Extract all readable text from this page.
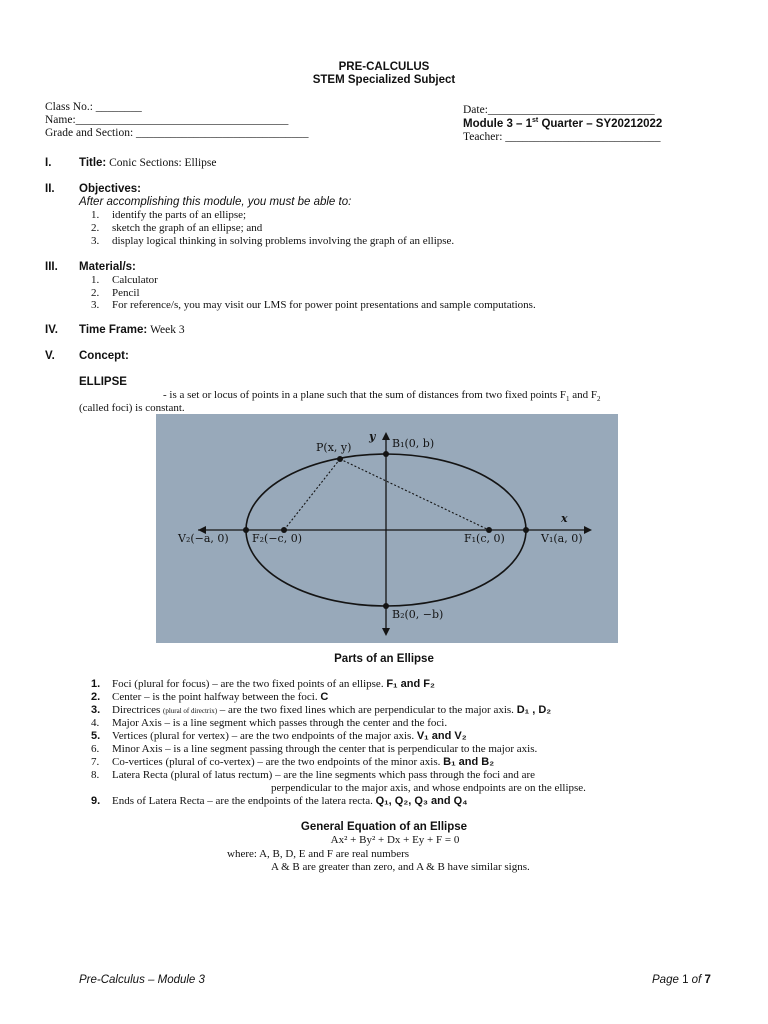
PRE-CALCULUS
STEM Specialized Subject
Class No.: ________
Name:_____________________________________
Grade and Section: ______________________________
Date:_____________________________
Module 3 – 1st Quarter – SY20212022
Teacher: ___________________________
I. Title: Conic Sections: Ellipse
II. Objectives:
After accomplishing this module, you must be able to:
1. identify the parts of an ellipse;
2. sketch the graph of an ellipse; and
3. display logical thinking in solving problems involving the graph of an ellipse.
III. Material/s:
1. Calculator
2. Pencil
3. For reference/s, you may visit our LMS for power point presentations and sample computations.
IV. Time Frame: Week 3
V. Concept:
ELLIPSE
- is a set or locus of points in a plane such that the sum of distances from two fixed points $F_1$ and $F_2$
(called foci) is constant.
y
x
P(x, y)	B₁(0, b)
B₂(0, −b)
V₁(a, 0)
V₂(−a, 0)	F₁(c, 0)
F₂(−c, 0)
Parts of an Ellipse
1. Foci (plural for focus) – are the two fixed points of an ellipse. F₁ and F₂
2. Center – is the point halfway between the foci. C
3. Directrices (plural of directrix) – are the two fixed lines which are perpendicular to the major axis. D₁ , D₂
4. Major Axis – is a line segment which passes through the center and the foci.
5. Vertices (plural for vertex) – are the two endpoints of the major axis. V₁ and V₂
6. Minor Axis – is a line segment passing through the center that is perpendicular to the major axis.
7. Co-vertices (plural of co-vertex) – are the two endpoints of the minor axis. B₁ and B₂
8. Latera Recta (plural of latus rectum) – are the line segments which pass through the foci and are
perpendicular to the major axis, and whose endpoints are on the ellipse.
9. Ends of Latera Recta – are the endpoints of the latera recta. Q₁, Q₂, Q₃ and Q₄
General Equation of an Ellipse
Ax² + By² + Dx + Ey + F = 0
where: A, B, D, E and F are real numbers
A & B are greater than zero, and A & B have similar signs.
Pre-Calculus – Module 3	Page 1 of 7
